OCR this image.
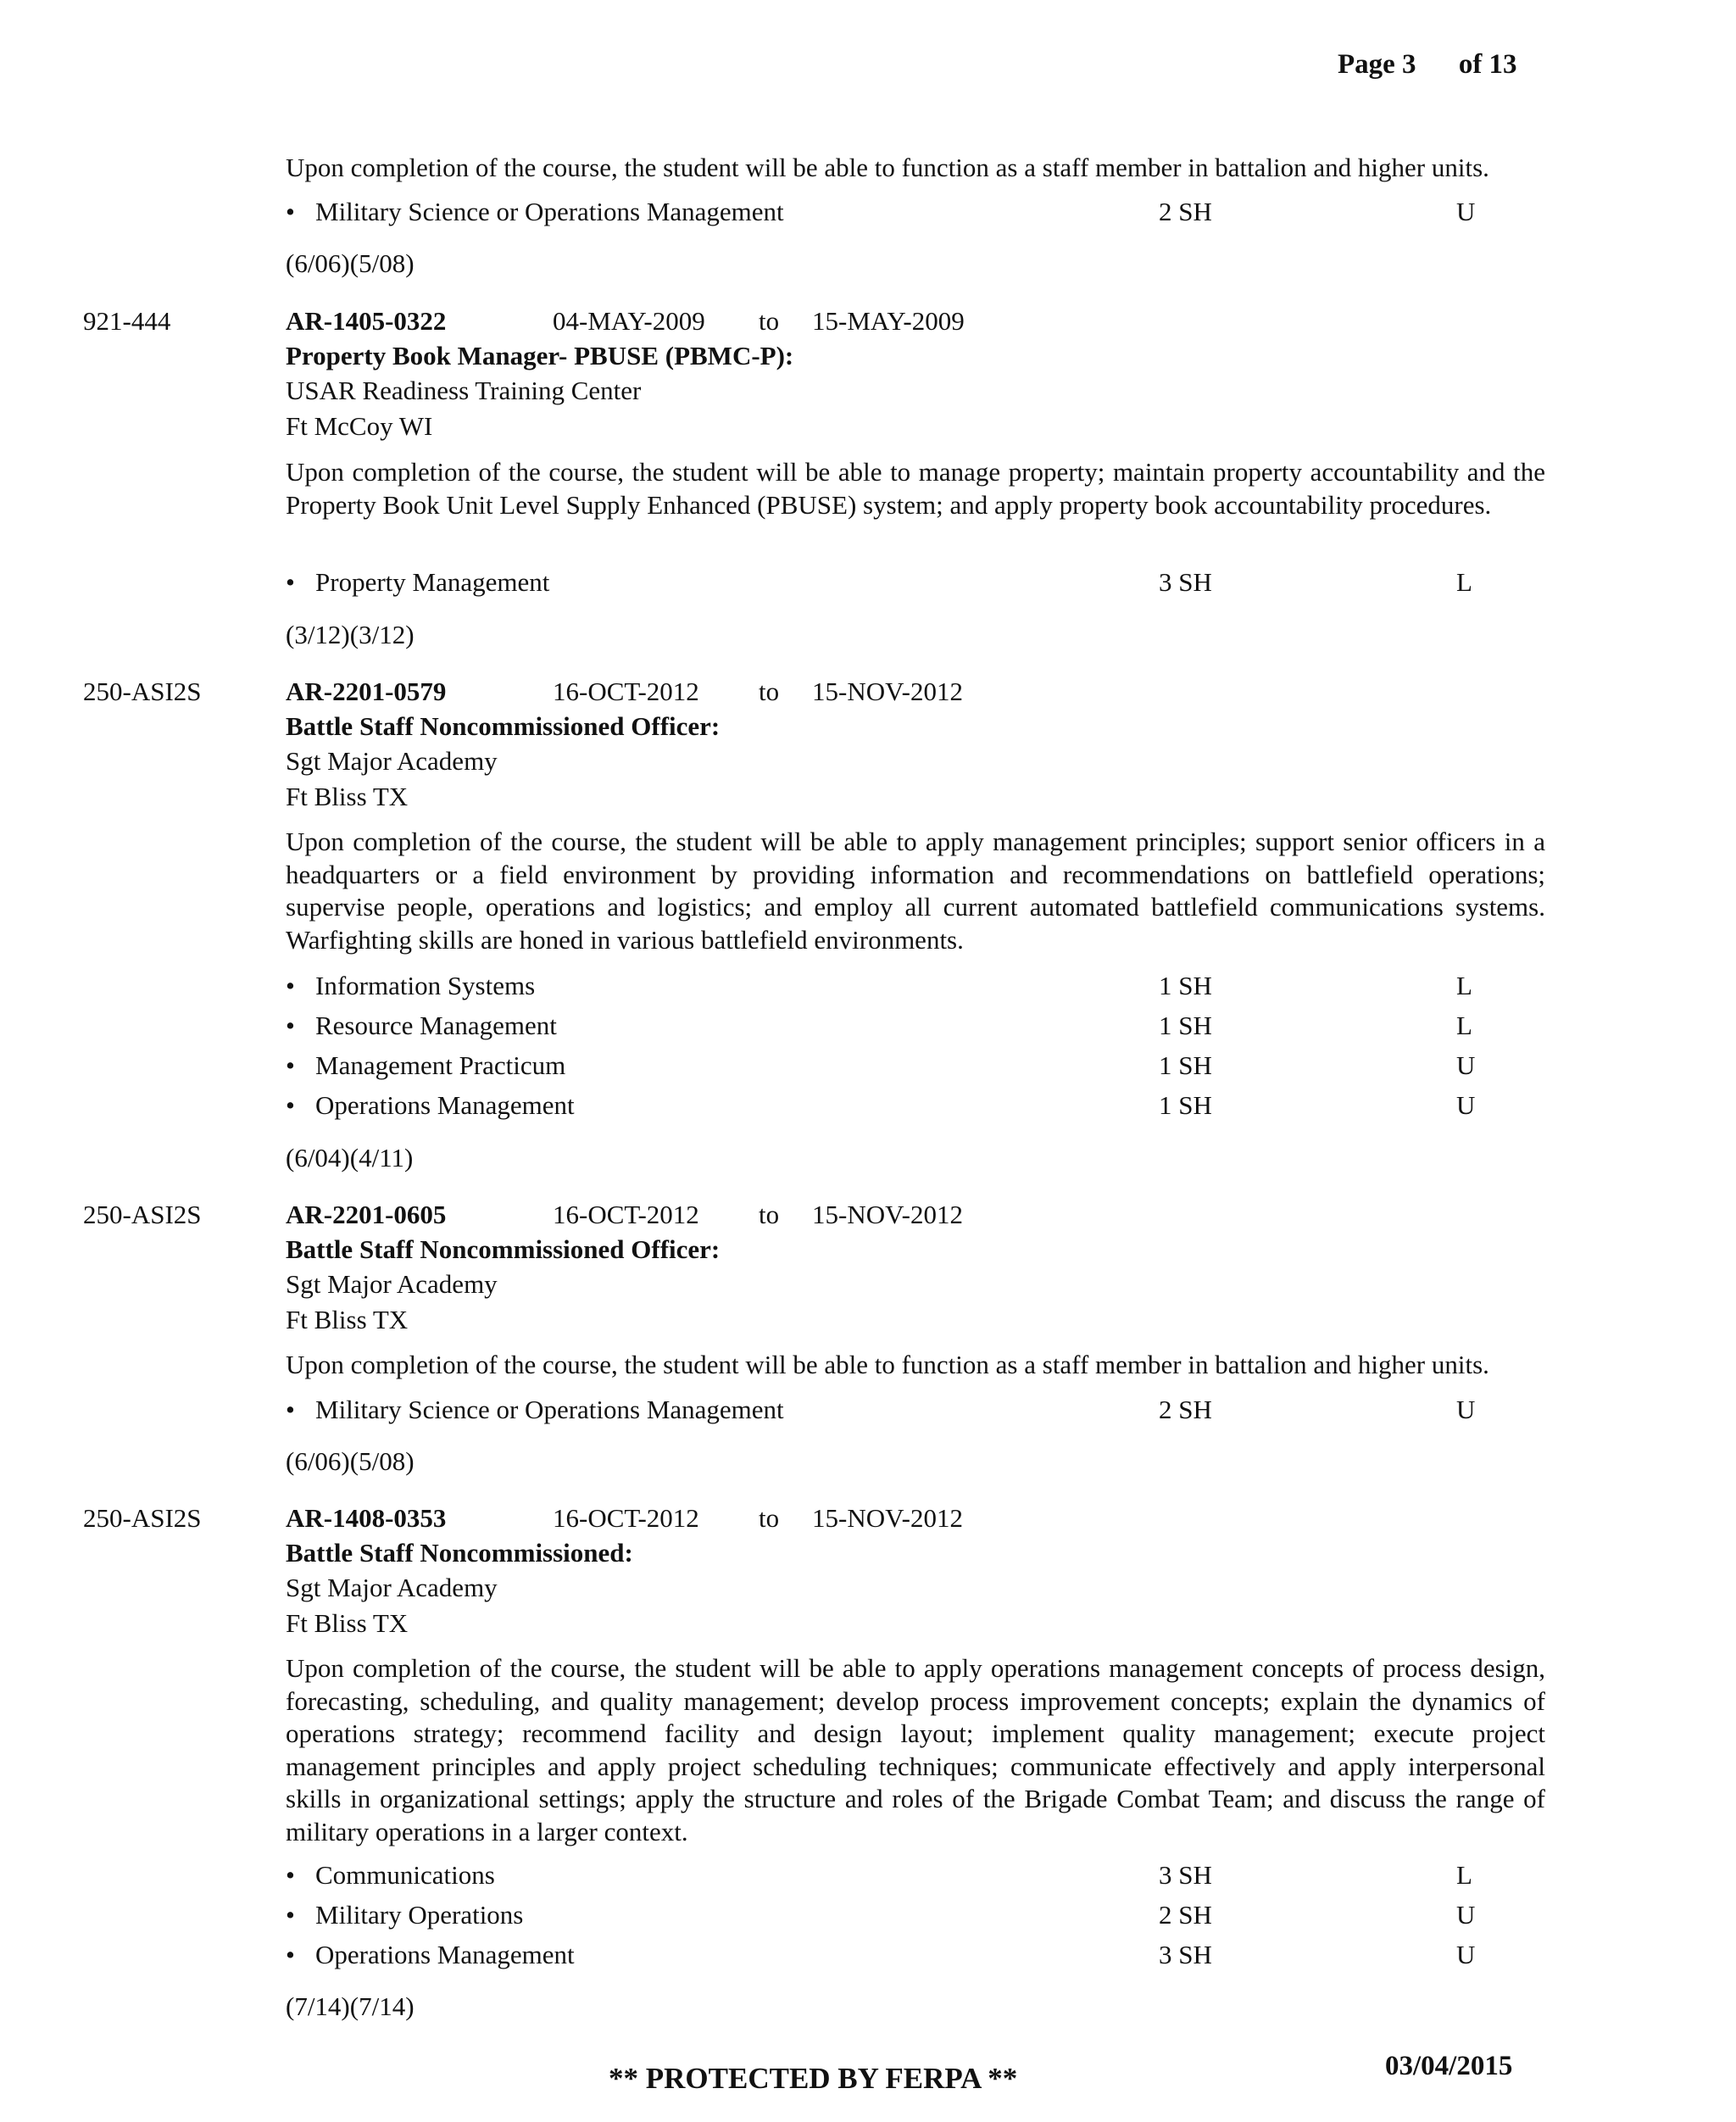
Page 3 of 13
Upon completion of the course, the student will be able to function as a staff member in battalion and higher units.
• Military Science or Operations Management	2 SH	U
(6/06)(5/08)
921-444	AR-1405-0322	04-MAY-2009 to 15-MAY-2009
Property Book Manager- PBUSE (PBMC-P):
USAR Readiness Training Center
Ft McCoy WI
Upon completion of the course, the student will be able to manage property; maintain property accountability and the Property Book Unit Level Supply Enhanced (PBUSE) system; and apply property book accountability procedures.
• Property Management	3 SH	L
(3/12)(3/12)
250-ASI2S	AR-2201-0579	16-OCT-2012 to 15-NOV-2012
Battle Staff Noncommissioned Officer:
Sgt Major Academy
Ft Bliss TX
Upon completion of the course, the student will be able to apply management principles; support senior officers in a headquarters or a field environment by providing information and recommendations on battlefield operations; supervise people, operations and logistics; and employ all current automated battlefield communications systems. Warfighting skills are honed in various battlefield environments.
• Information Systems	1 SH	L
• Resource Management	1 SH	L
• Management Practicum	1 SH	U
• Operations Management	1 SH	U
(6/04)(4/11)
250-ASI2S	AR-2201-0605	16-OCT-2012 to 15-NOV-2012
Battle Staff Noncommissioned Officer:
Sgt Major Academy
Ft Bliss TX
Upon completion of the course, the student will be able to function as a staff member in battalion and higher units.
• Military Science or Operations Management	2 SH	U
(6/06)(5/08)
250-ASI2S	AR-1408-0353	16-OCT-2012 to 15-NOV-2012
Battle Staff Noncommissioned:
Sgt Major Academy
Ft Bliss TX
Upon completion of the course, the student will be able to apply operations management concepts of process design, forecasting, scheduling, and quality management; develop process improvement concepts; explain the dynamics of operations strategy; recommend facility and design layout; implement quality management; execute project management principles and apply project scheduling techniques; communicate effectively and apply interpersonal skills in organizational settings; apply the structure and roles of the Brigade Combat Team; and discuss the range of military operations in a larger context.
• Communications	3 SH	L
• Military Operations	2 SH	U
• Operations Management	3 SH	U
(7/14)(7/14)
** PROTECTED BY FERPA **	03/04/2015
